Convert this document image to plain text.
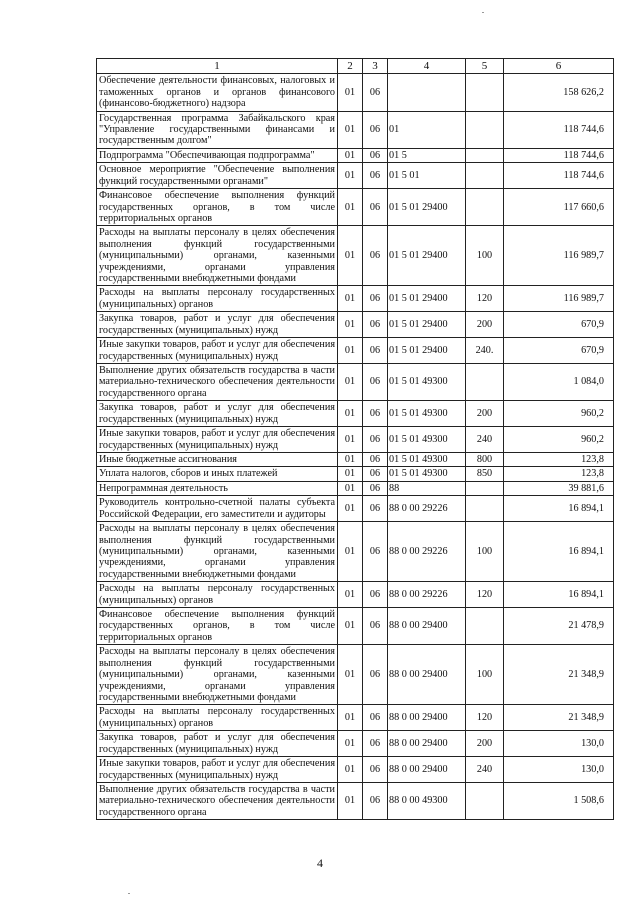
1	2	3	4	5	6
Обеспечение деятельности финансовых, налоговых и таможенных органов и органов финансового (финансово-бюджетного) надзора	01	06			158 626,2
Государственная программа Забайкальского края "Управление государственными финансами и государственным долгом"	01	06	01		118 744,6
Подпрограмма "Обеспечивающая подпрограмма"	01	06	01 5		118 744,6
Основное мероприятие "Обеспечение выполнения функций государственными органами"	01	06	01 5 01		118 744,6
Финансовое обеспечение выполнения функций государственных органов, в том числе территориальных органов	01	06	01 5 01 29400		117 660,6
Расходы на выплаты персоналу в целях обеспечения выполнения функций государственными (муниципальными) органами, казенными учреждениями, органами управления государственными внебюджетными фондами	01	06	01 5 01 29400	100	116 989,7
Расходы на выплаты персоналу государственных (муниципальных) органов	01	06	01 5 01 29400	120	116 989,7
Закупка товаров, работ и услуг для обеспечения государственных (муниципальных) нужд	01	06	01 5 01 29400	200	670,9
Иные закупки товаров, работ и услуг для обеспечения государственных (муниципальных) нужд	01	06	01 5 01 29400	240.	670,9
Выполнение других обязательств государства в части материально-технического обеспечения деятельности государственного органа	01	06	01 5 01 49300		1 084,0
Закупка товаров, работ и услуг для обеспечения государственных (муниципальных) нужд	01	06	01 5 01 49300	200	960,2
Иные закупки товаров, работ и услуг для обеспечения государственных (муниципальных) нужд	01	06	01 5 01 49300	240	960,2
Иные бюджетные ассигнования	01	06	01 5 01 49300	800	123,8
Уплата налогов, сборов и иных платежей	01	06	01 5 01 49300	850	123,8
Непрограммная деятельность	01	06	88		39 881,6
Руководитель контрольно-счетной палаты субъекта Российской Федерации, его заместители и аудиторы	01	06	88 0 00 29226		16 894,1
Расходы на выплаты персоналу в целях обеспечения выполнения функций государственными (муниципальными) органами, казенными учреждениями, органами управления государственными внебюджетными фондами	01	06	88 0 00 29226	100	16 894,1
Расходы на выплаты персоналу государственных (муниципальных) органов	01	06	88 0 00 29226	120	16 894,1
Финансовое обеспечение выполнения функций государственных органов, в том числе территориальных органов	01	06	88 0 00 29400		21 478,9
Расходы на выплаты персоналу в целях обеспечения выполнения функций государственными (муниципальными) органами, казенными учреждениями, органами управления государственными внебюджетными фондами	01	06	88 0 00 29400	100	21 348,9
Расходы на выплаты персоналу государственных (муниципальных) органов	01	06	88 0 00 29400	120	21 348,9
Закупка товаров, работ и услуг для обеспечения государственных (муниципальных) нужд	01	06	88 0 00 29400	200	130,0
Иные закупки товаров, работ и услуг для обеспечения государственных (муниципальных) нужд	01	06	88 0 00 29400	240	130,0
Выполнение других обязательств государства в части материально-технического обеспечения деятельности государственного органа	01	06	88 0 00 49300		1 508,6
4
